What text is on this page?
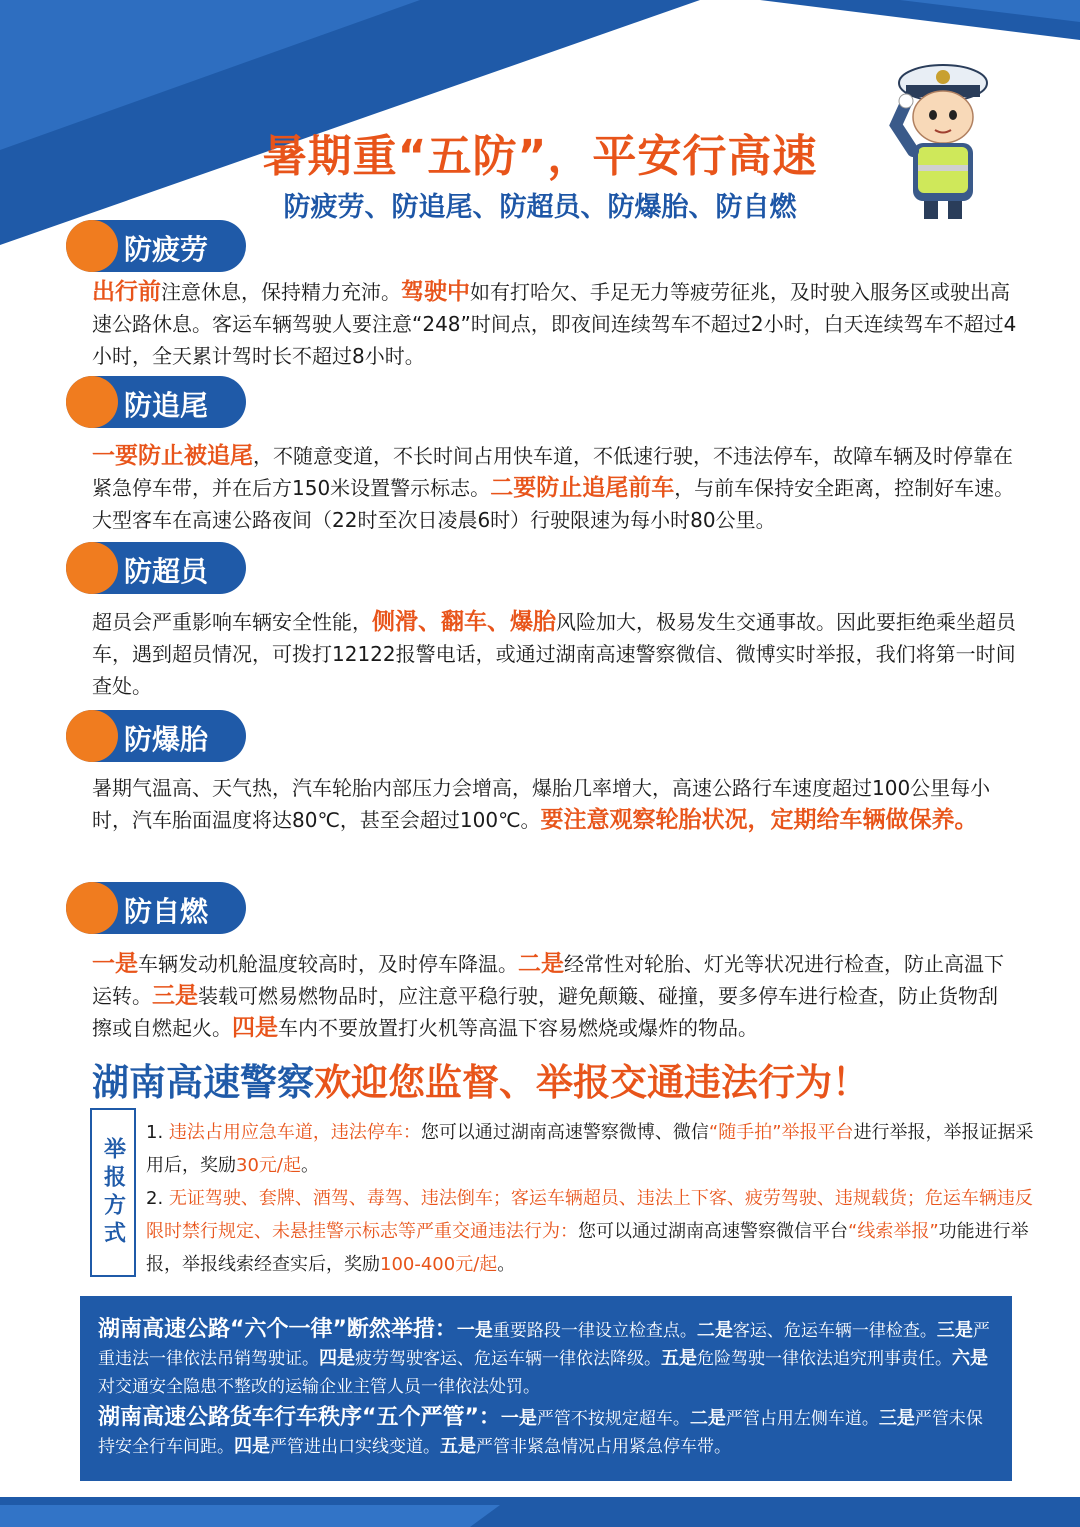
暑期重“五防”，平安行高速
防疲劳、防追尾、防超员、防爆胎、防自燃
防疲劳
出行前注意休息，保持精力充沛。驾驶中如有打哈欠、手足无力等疲劳征兆，及时驶入服务区或驶出高速公路休息。客运车辆驾驶人要注意“248”时间点，即夜间连续驾车不超过2小时，白天连续驾车不超过4小时，全天累计驾时长不超过8小时。
防追尾
一要防止被追尾，不随意变道，不长时间占用快车道，不低速行驶，不违法停车，故障车辆及时停靠在紧急停车带，并在后方150米设置警示标志。二要防止追尾前车，与前车保持安全距离，控制好车速。大型客车在高速公路夜间（22时至次日凌晨6时）行驶限速为每小时80公里。
防超员
超员会严重影响车辆安全性能，侧滑、翻车、爆胎风险加大，极易发生交通事故。因此要拒绝乘坐超员车，遇到超员情况，可拨打12122报警电话，或通过湖南高速警察微信、微博实时举报，我们将第一时间查处。
防爆胎
暑期气温高、天气热，汽车轮胎内部压力会增高，爆胎几率增大，高速公路行车速度超过100公里每小时，汽车胎面温度将达80℃，甚至会超过100℃。要注意观察轮胎状况，定期给车辆做保养。
防自燃
一是车辆发动机舱温度较高时，及时停车降温。二是经常性对轮胎、灯光等状况进行检查，防止高温下运转。三是装载可燃易燃物品时，应注意平稳行驶，避免颠簸、碰撞，要多停车进行检查，防止货物刮擦或自燃起火。四是车内不要放置打火机等高温下容易燃烧或爆炸的物品。
湖南高速警察欢迎您监督、举报交通违法行为！
举报方式
1. 违法占用应急车道，违法停车：您可以通过湖南高速警察微博、微信“随手拍”举报平台进行举报，举报证据采用后，奖励30元/起。
2. 无证驾驶、套牌、酒驾、毒驾、违法倒车；客运车辆超员、违法上下客、疲劳驾驶、违规载货；危运车辆违反限时禁行规定、未悬挂警示标志等严重交通违法行为：您可以通过湖南高速警察微信平台“线索举报”功能进行举报，举报线索经查实后，奖励100-400元/起。
湖南高速公路“六个一律”断然举措：一是重要路段一律设立检查点。二是客运、危运车辆一律检查。三是严重违法一律依法吊销驾驶证。四是疲劳驾驶客运、危运车辆一律依法降级。五是危险驾驶一律依法追究刑事责任。六是对交通安全隐患不整改的运输企业主管人员一律依法处罚。
湖南高速公路货车行车秩序“五个严管”：一是严管不按规定超车。二是严管占用左侧车道。三是严管未保持安全行车间距。四是严管进出口实线变道。五是严管非紧急情况占用紧急停车带。
